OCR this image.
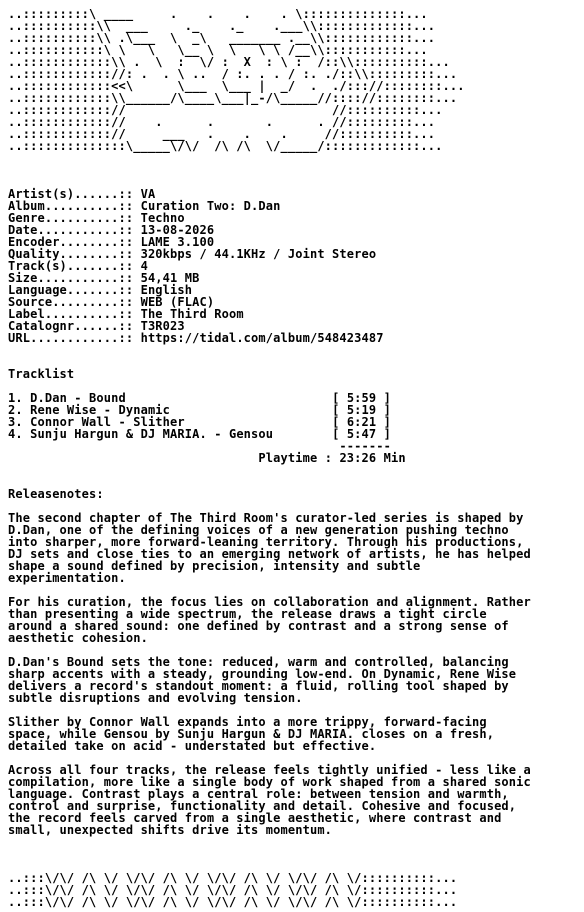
..:::::::::\ ____     .    .    .    . \::::::::::::::...
..::::::::::\\  ___     ._    ._    .___\\:::::::::::::...
..::::::::::\\ .\___  \  _\   _______ .__\\::::::::::::...
..:::::::::::\ \   \   \__ \  \   \ \ /__\\:::::::::::...
..::::::::::::\\ .  \  :  \/ :  X  : \ :  /::\\::::::::::...
..:::::::::::://: .  . \ ..  / :. . . / :. ./::\\:::::::::...
..::::::::::::<<\      \___  \___ |  _/  .  ./::://::::::::...
..::::::::::::\\______/\____\___|_-/\_____//:::://::::::::...
..:::::::::::://                            //::::::::::...
..:::::::::::://    .      .       .      . //:::::::::...
..:::::::::::://     ___   .    .    .     //::::::::::...
..::::::::::::::\_____\/\/  /\ /\  \/_____/:::::::::::::...
Artist(s)......:: VA
Album..........:: Curation Two: D.Dan
Genre..........:: Techno
Date...........:: 13-08-2026
Encoder........:: LAME 3.100
Quality........:: 320kbps / 44.1KHz / Joint Stereo
Track(s).......:: 4
Size...........:: 54,41 MB
Language.......:: English
Source.........:: WEB (FLAC)
Label..........:: The Third Room
Catalognr......:: T3R023
URL............:: https://tidal.com/album/548423487
Tracklist
1. D.Dan - Bound                            [ 5:59 ]
2. Rene Wise - Dynamic                      [ 5:19 ]
3. Connor Wall - Slither                    [ 6:21 ]
4. Sunju Hargun & DJ MARIA. - Gensou        [ 5:47 ]
-------
Playtime : 23:26 Min
Releasenotes:
The second chapter of The Third Room's curator-led series is shaped by
D.Dan, one of the defining voices of a new generation pushing techno
into sharper, more forward-leaning territory. Through his productions,
DJ sets and close ties to an emerging network of artists, he has helped
shape a sound defined by precision, intensity and subtle
experimentation.
For his curation, the focus lies on collaboration and alignment. Rather
than presenting a wide spectrum, the release draws a tight circle
around a shared sound: one defined by contrast and a strong sense of
aesthetic cohesion.
D.Dan's Bound sets the tone: reduced, warm and controlled, balancing
sharp accents with a steady, grounding low-end. On Dynamic, Rene Wise
delivers a record's standout moment: a fluid, rolling tool shaped by
subtle disruptions and evolving tension.
Slither by Connor Wall expands into a more trippy, forward-facing
space, while Gensou by Sunju Hargun & DJ MARIA. closes on a fresh,
detailed take on acid - understated but effective.
Across all four tracks, the release feels tightly unified - less like a
compilation, more like a single body of work shaped from a shared sonic
language. Contrast plays a central role: between tension and warmth,
control and surprise, functionality and detail. Cohesive and focused,
the record feels carved from a single aesthetic, where contrast and
small, unexpected shifts drive its momentum.
..:::\/\/ /\ \/ \/\/ /\ \/ \/\/ /\ \/ \/\/ /\ \/::::::::::...
..:::\/\/ /\ \/ \/\/ /\ \/ \/\/ /\ \/ \/\/ /\ \/::::::::::...
..:::\/\/ /\ \/ \/\/ /\ \/ \/\/ /\ \/ \/\/ /\ \/::::::::::...
